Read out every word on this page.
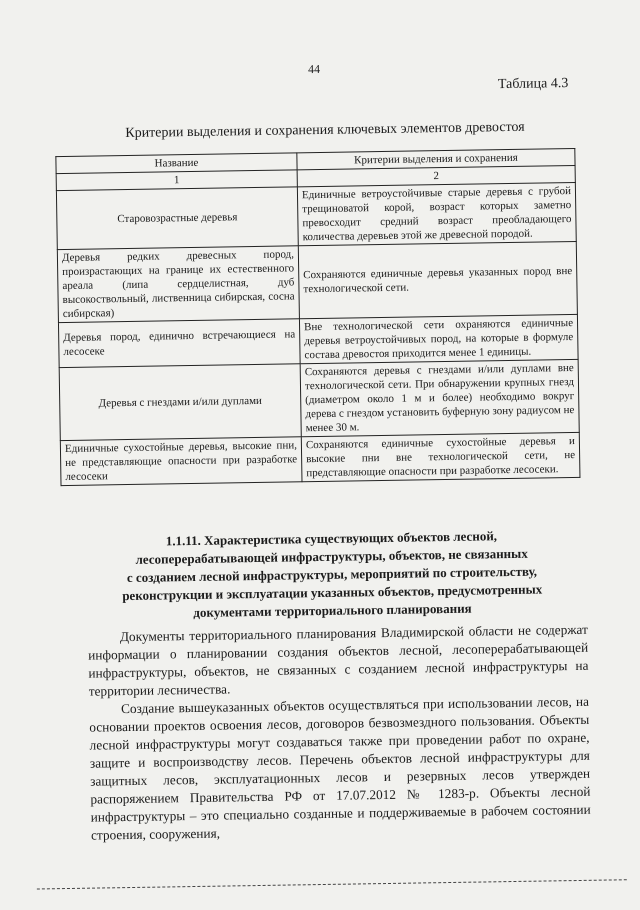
44
Таблица 4.3
Критерии выделения и сохранения ключевых элементов древостоя
Название	Критерии выделения и сохранения
1	2
Старовозрастные деревья	Единичные ветроустойчивые старые деревья с грубой трещиноватой корой, возраст которых заметно превосходит средний возраст преобладающего количества деревьев этой же древесной породой.
Деревья редких древесных пород, произрастающих на границе их естественного ареала (липа сердцелистная, дуб высокоствольный, лиственница сибирская, сосна сибирская)	Сохраняются единичные деревья указанных пород вне технологической сети.
Деревья пород, единично встречающиеся на лесосеке	Вне технологической сети охраняются единичные деревья ветроустойчивых пород, на которые в формуле состава древостоя приходится менее 1 единицы.
Деревья с гнездами и/или дуплами	Сохраняются деревья с гнездами и/или дуплами вне технологической сети. При обнаружении крупных гнезд (диаметром около 1 м и более) необходимо вокруг дерева с гнездом установить буферную зону радиусом не менее 30 м.
Единичные сухостойные деревья, высокие пни, не представляющие опасности при разработке лесосеки	Сохраняются единичные сухостойные деревья и высокие пни вне технологической сети, не представляющие опасности при разработке лесосеки.
1.1.11. Характеристика существующих объектов лесной,
лесоперерабатывающей инфраструктуры, объектов, не связанных
с созданием лесной инфраструктуры, мероприятий по строительству,
реконструкции и эксплуатации указанных объектов, предусмотренных
документами территориального планирования

Документы территориального планирования Владимирской области не содержат информации о планировании создания объектов лесной, лесоперерабатывающей инфраструктуры, объектов, не связанных с созданием лесной инфраструктуры на территории лесничества.

Создание вышеуказанных объектов осуществляться при использовании лесов, на основании проектов освоения лесов, договоров безвозмездного пользования. Объекты лесной инфраструктуры могут создаваться также при проведении работ по охране, защите и воспроизводству лесов. Перечень объектов лесной инфраструктуры для защитных лесов, эксплуатационных лесов и резервных лесов утвержден распоряжением Правительства РФ от 17.07.2012 № 1283-р. Объекты лесной инфраструктуры – это специально созданные и поддерживаемые в рабочем состоянии строения, сооружения,
